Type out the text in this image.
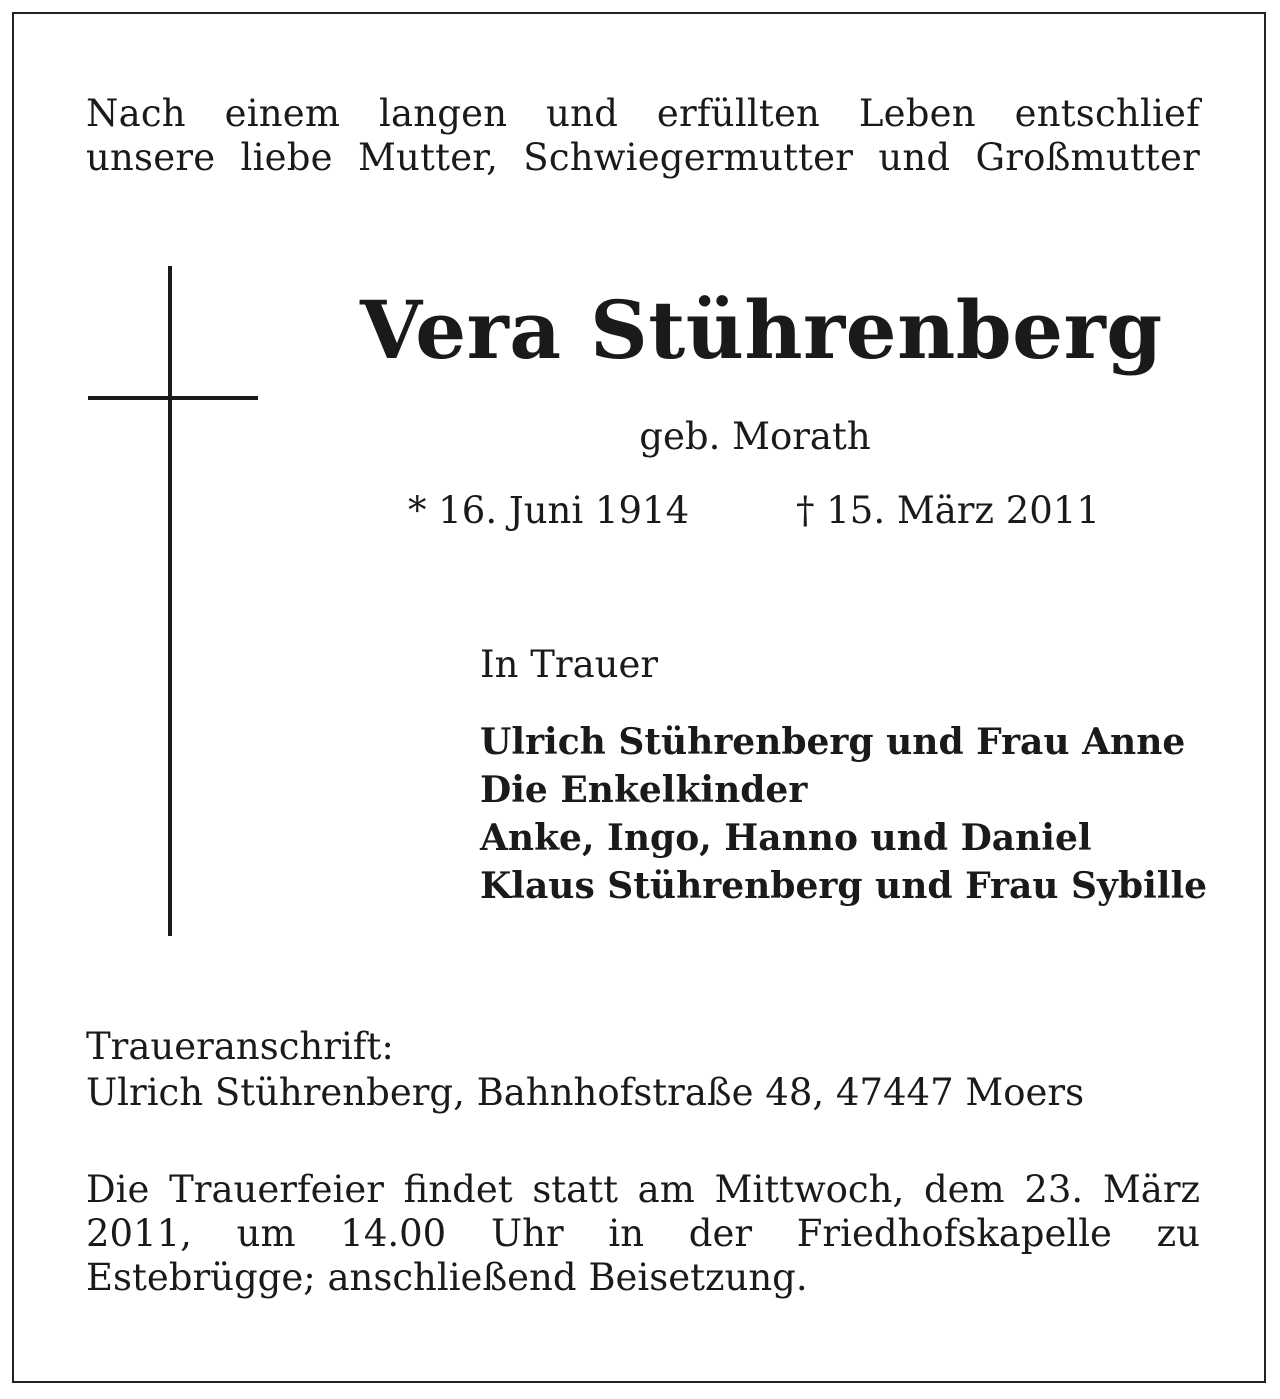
Nach einem langen und erfüllten Leben entschlief
unsere liebe Mutter, Schwiegermutter und Großmutter
Vera Stührenberg
geb. Morath
* 16. Juni 1914	† 15. März 2011
In Trauer
Ulrich Stührenberg und Frau Anne
Die Enkelkinder
Anke, Ingo, Hanno und Daniel
Klaus Stührenberg und Frau Sybille
Traueranschrift:
Ulrich Stührenberg, Bahnhofstraße 48, 47447 Moers
Die Trauerfeier findet statt am Mittwoch, dem 23. März
2011, um 14.00 Uhr in der Friedhofskapelle zu
Estebrügge; anschließend Beisetzung.
